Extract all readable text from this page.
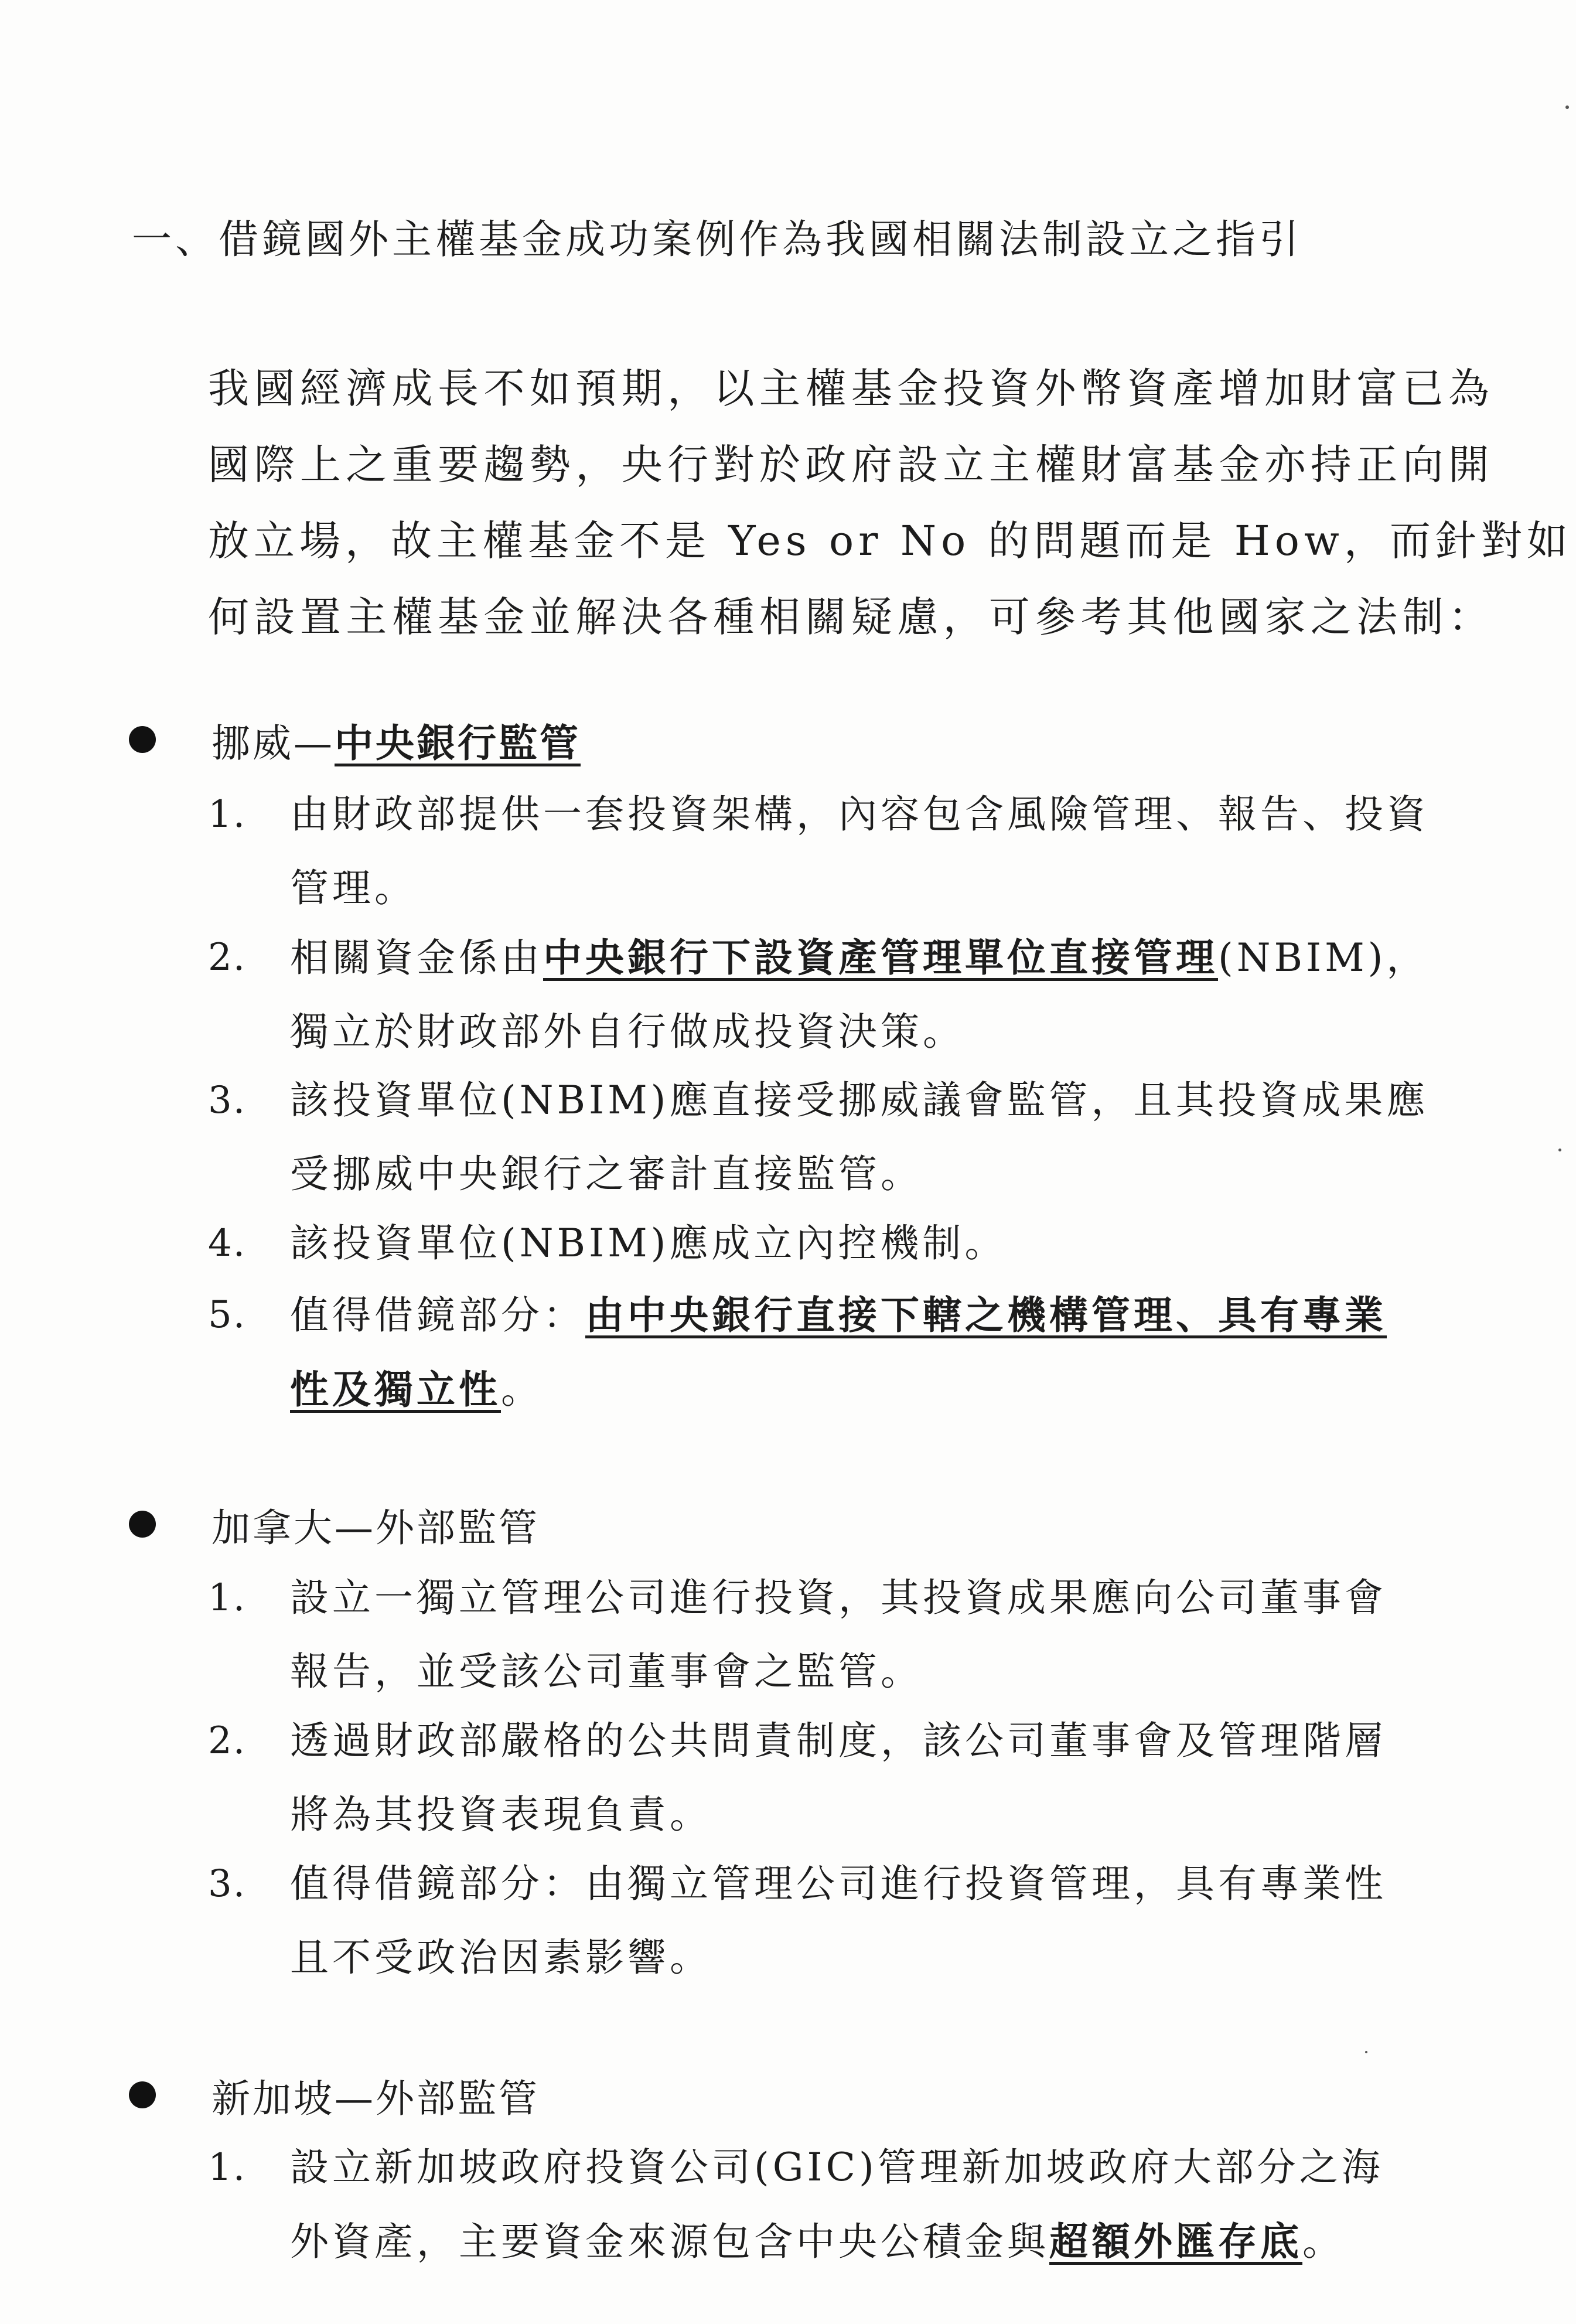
一、借鏡國外主權基金成功案例作為我國相關法制設立之指引
我國經濟成長不如預期，以主權基金投資外幣資產增加財富已為
國際上之重要趨勢，央行對於政府設立主權財富基金亦持正向開
放立場，故主權基金不是 Yes or No 的問題而是 How，而針對如
何設置主權基金並解決各種相關疑慮，可參考其他國家之法制：
挪威—中央銀行監管
1. 由財政部提供一套投資架構，內容包含風險管理、報告、投資
管理。
2. 相關資金係由中央銀行下設資產管理單位直接管理(NBIM)，
獨立於財政部外自行做成投資決策。
3. 該投資單位(NBIM)應直接受挪威議會監管，且其投資成果應
受挪威中央銀行之審計直接監管。
4. 該投資單位(NBIM)應成立內控機制。
5. 值得借鏡部分：由中央銀行直接下轄之機構管理、具有專業
性及獨立性。
加拿大—外部監管
1. 設立一獨立管理公司進行投資，其投資成果應向公司董事會
報告，並受該公司董事會之監管。
2. 透過財政部嚴格的公共問責制度，該公司董事會及管理階層
將為其投資表現負責。
3. 值得借鏡部分：由獨立管理公司進行投資管理，具有專業性
且不受政治因素影響。
新加坡—外部監管
1. 設立新加坡政府投資公司(GIC)管理新加坡政府大部分之海
外資產，主要資金來源包含中央公積金與超額外匯存底。
